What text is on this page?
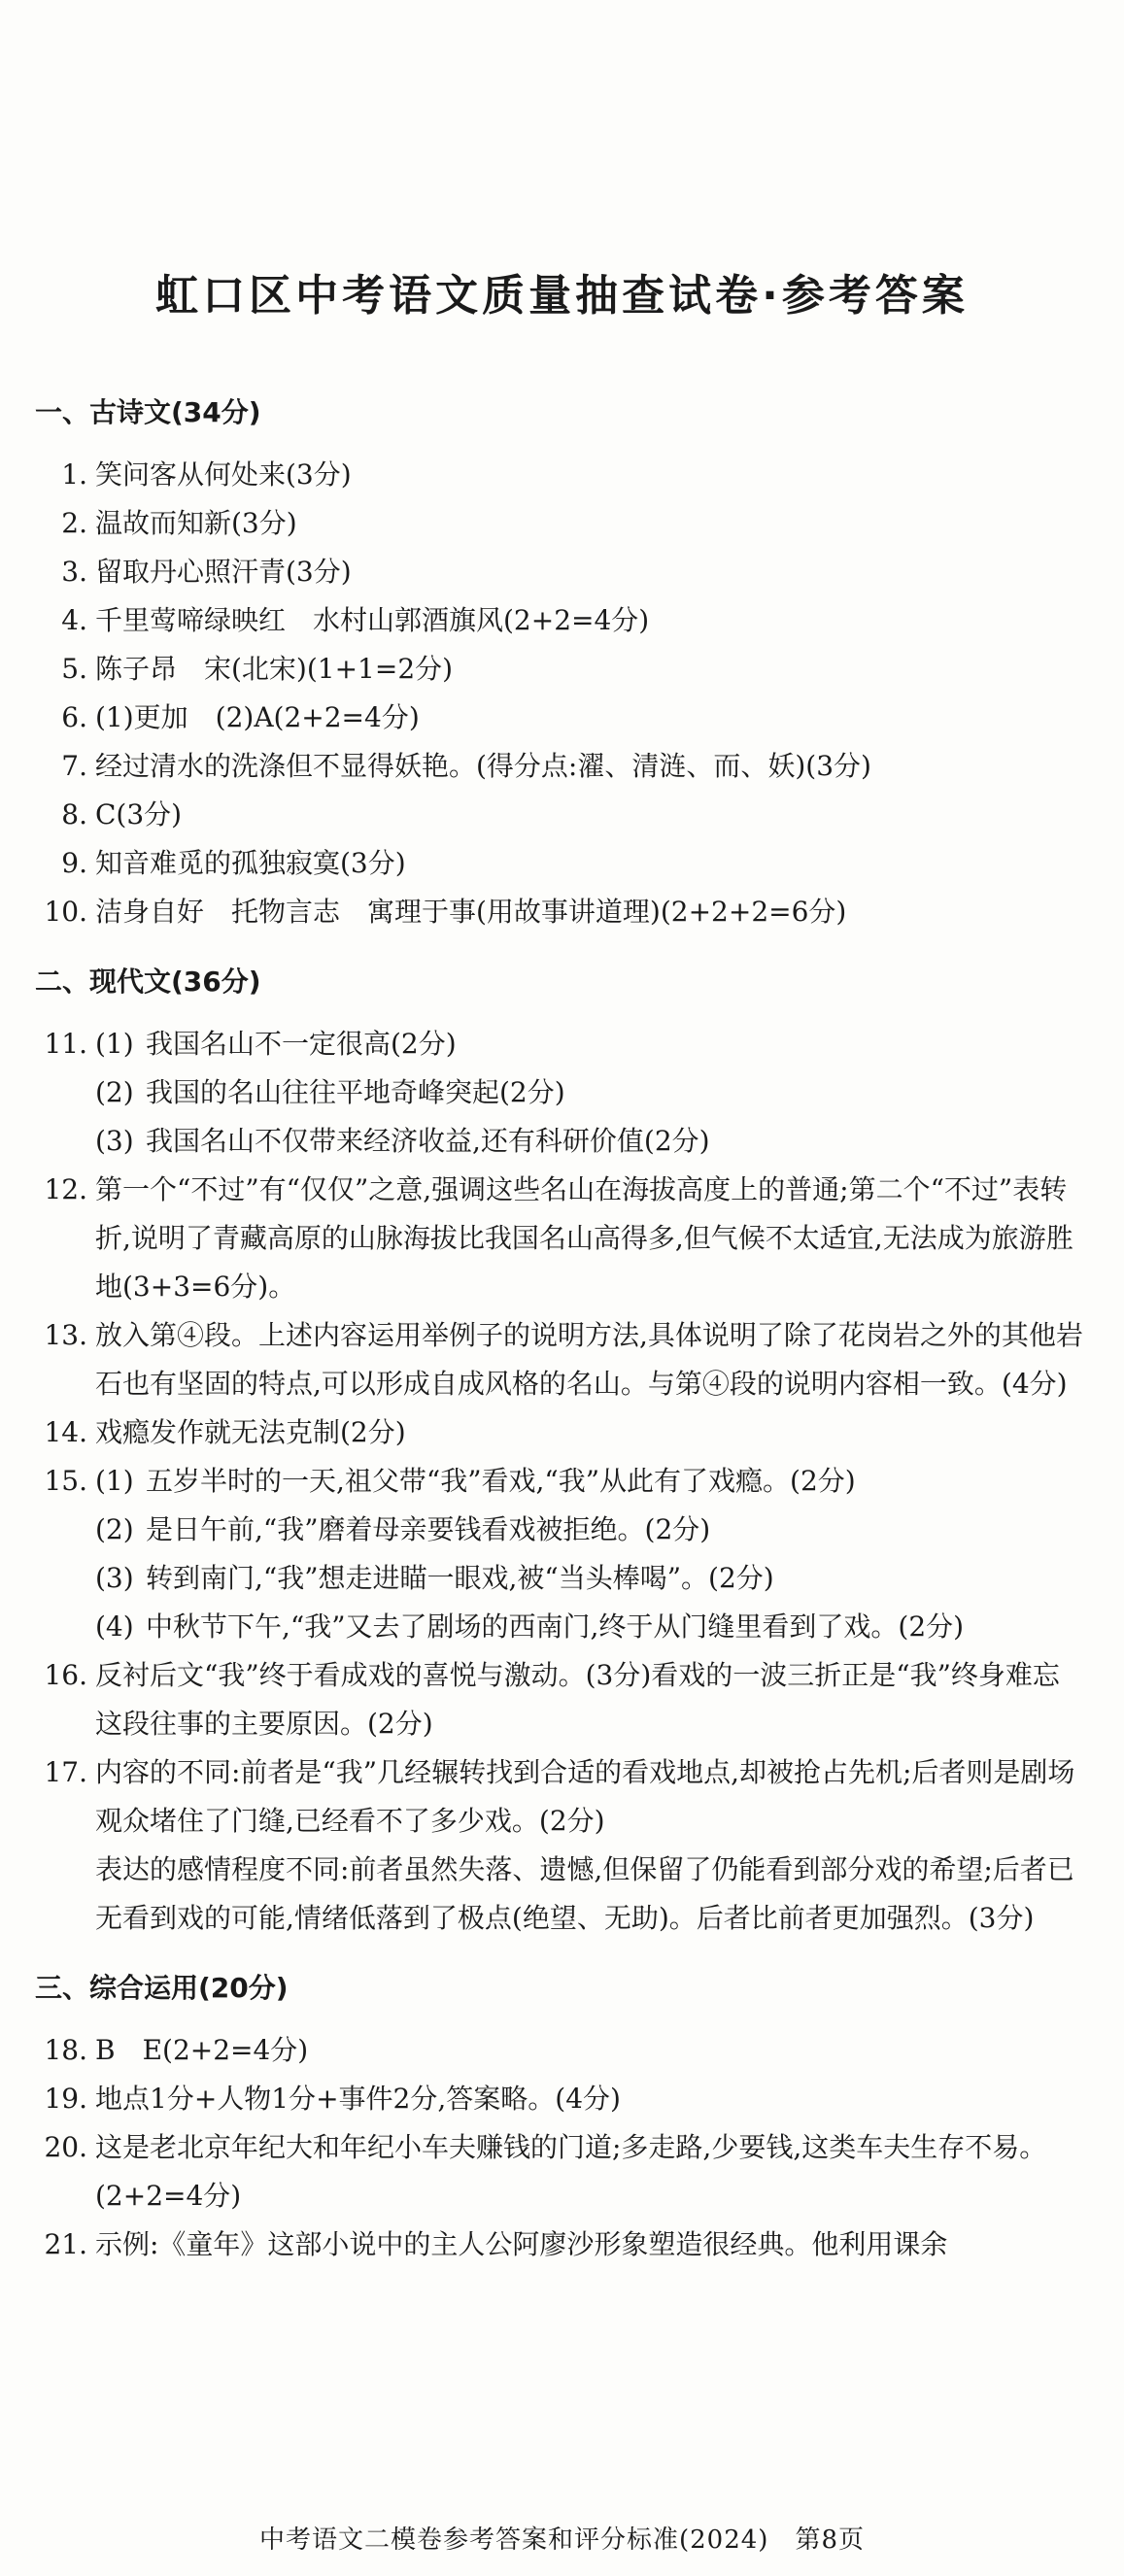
虹口区中考语文质量抽查试卷·参考答案
一、古诗文(34分)
1. 笑问客从何处来(3分)
2. 温故而知新(3分)
3. 留取丹心照汗青(3分)
4. 千里莺啼绿映红　水村山郭酒旗风(2+2=4分)
5. 陈子昂　宋(北宋)(1+1=2分)
6. (1)更加　(2)A(2+2=4分)
7. 经过清水的洗涤但不显得妖艳。(得分点:濯、清涟、而、妖)(3分)
8. C(3分)
9. 知音难觅的孤独寂寞(3分)
10. 洁身自好　托物言志　寓理于事(用故事讲道理)(2+2+2=6分)
二、现代文(36分)
11. (1) 我国名山不一定很高(2分)
(2) 我国的名山往往平地奇峰突起(2分)
(3) 我国名山不仅带来经济收益,还有科研价值(2分)
12. 第一个“不过”有“仅仅”之意,强调这些名山在海拔高度上的普通;第二个“不过”表转折,说明了青藏高原的山脉海拔比我国名山高得多,但气候不太适宜,无法成为旅游胜地(3+3=6分)。
13. 放入第④段。上述内容运用举例子的说明方法,具体说明了除了花岗岩之外的其他岩石也有坚固的特点,可以形成自成风格的名山。与第④段的说明内容相一致。(4分)
14. 戏瘾发作就无法克制(2分)
15. (1) 五岁半时的一天,祖父带“我”看戏,“我”从此有了戏瘾。(2分)
(2) 是日午前,“我”磨着母亲要钱看戏被拒绝。(2分)
(3) 转到南门,“我”想走进瞄一眼戏,被“当头棒喝”。(2分)
(4) 中秋节下午,“我”又去了剧场的西南门,终于从门缝里看到了戏。(2分)
16. 反衬后文“我”终于看成戏的喜悦与激动。(3分)看戏的一波三折正是“我”终身难忘这段往事的主要原因。(2分)
17. 内容的不同:前者是“我”几经辗转找到合适的看戏地点,却被抢占先机;后者则是剧场观众堵住了门缝,已经看不了多少戏。(2分)
表达的感情程度不同:前者虽然失落、遗憾,但保留了仍能看到部分戏的希望;后者已无看到戏的可能,情绪低落到了极点(绝望、无助)。后者比前者更加强烈。(3分)
三、综合运用(20分)
18. B　E(2+2=4分)
19. 地点1分+人物1分+事件2分,答案略。(4分)
20. 这是老北京年纪大和年纪小车夫赚钱的门道;多走路,少要钱,这类车夫生存不易。(2+2=4分)
21. 示例:《童年》这部小说中的主人公阿廖沙形象塑造很经典。他利用课余
中考语文二模卷参考答案和评分标准(2024)　第8页
